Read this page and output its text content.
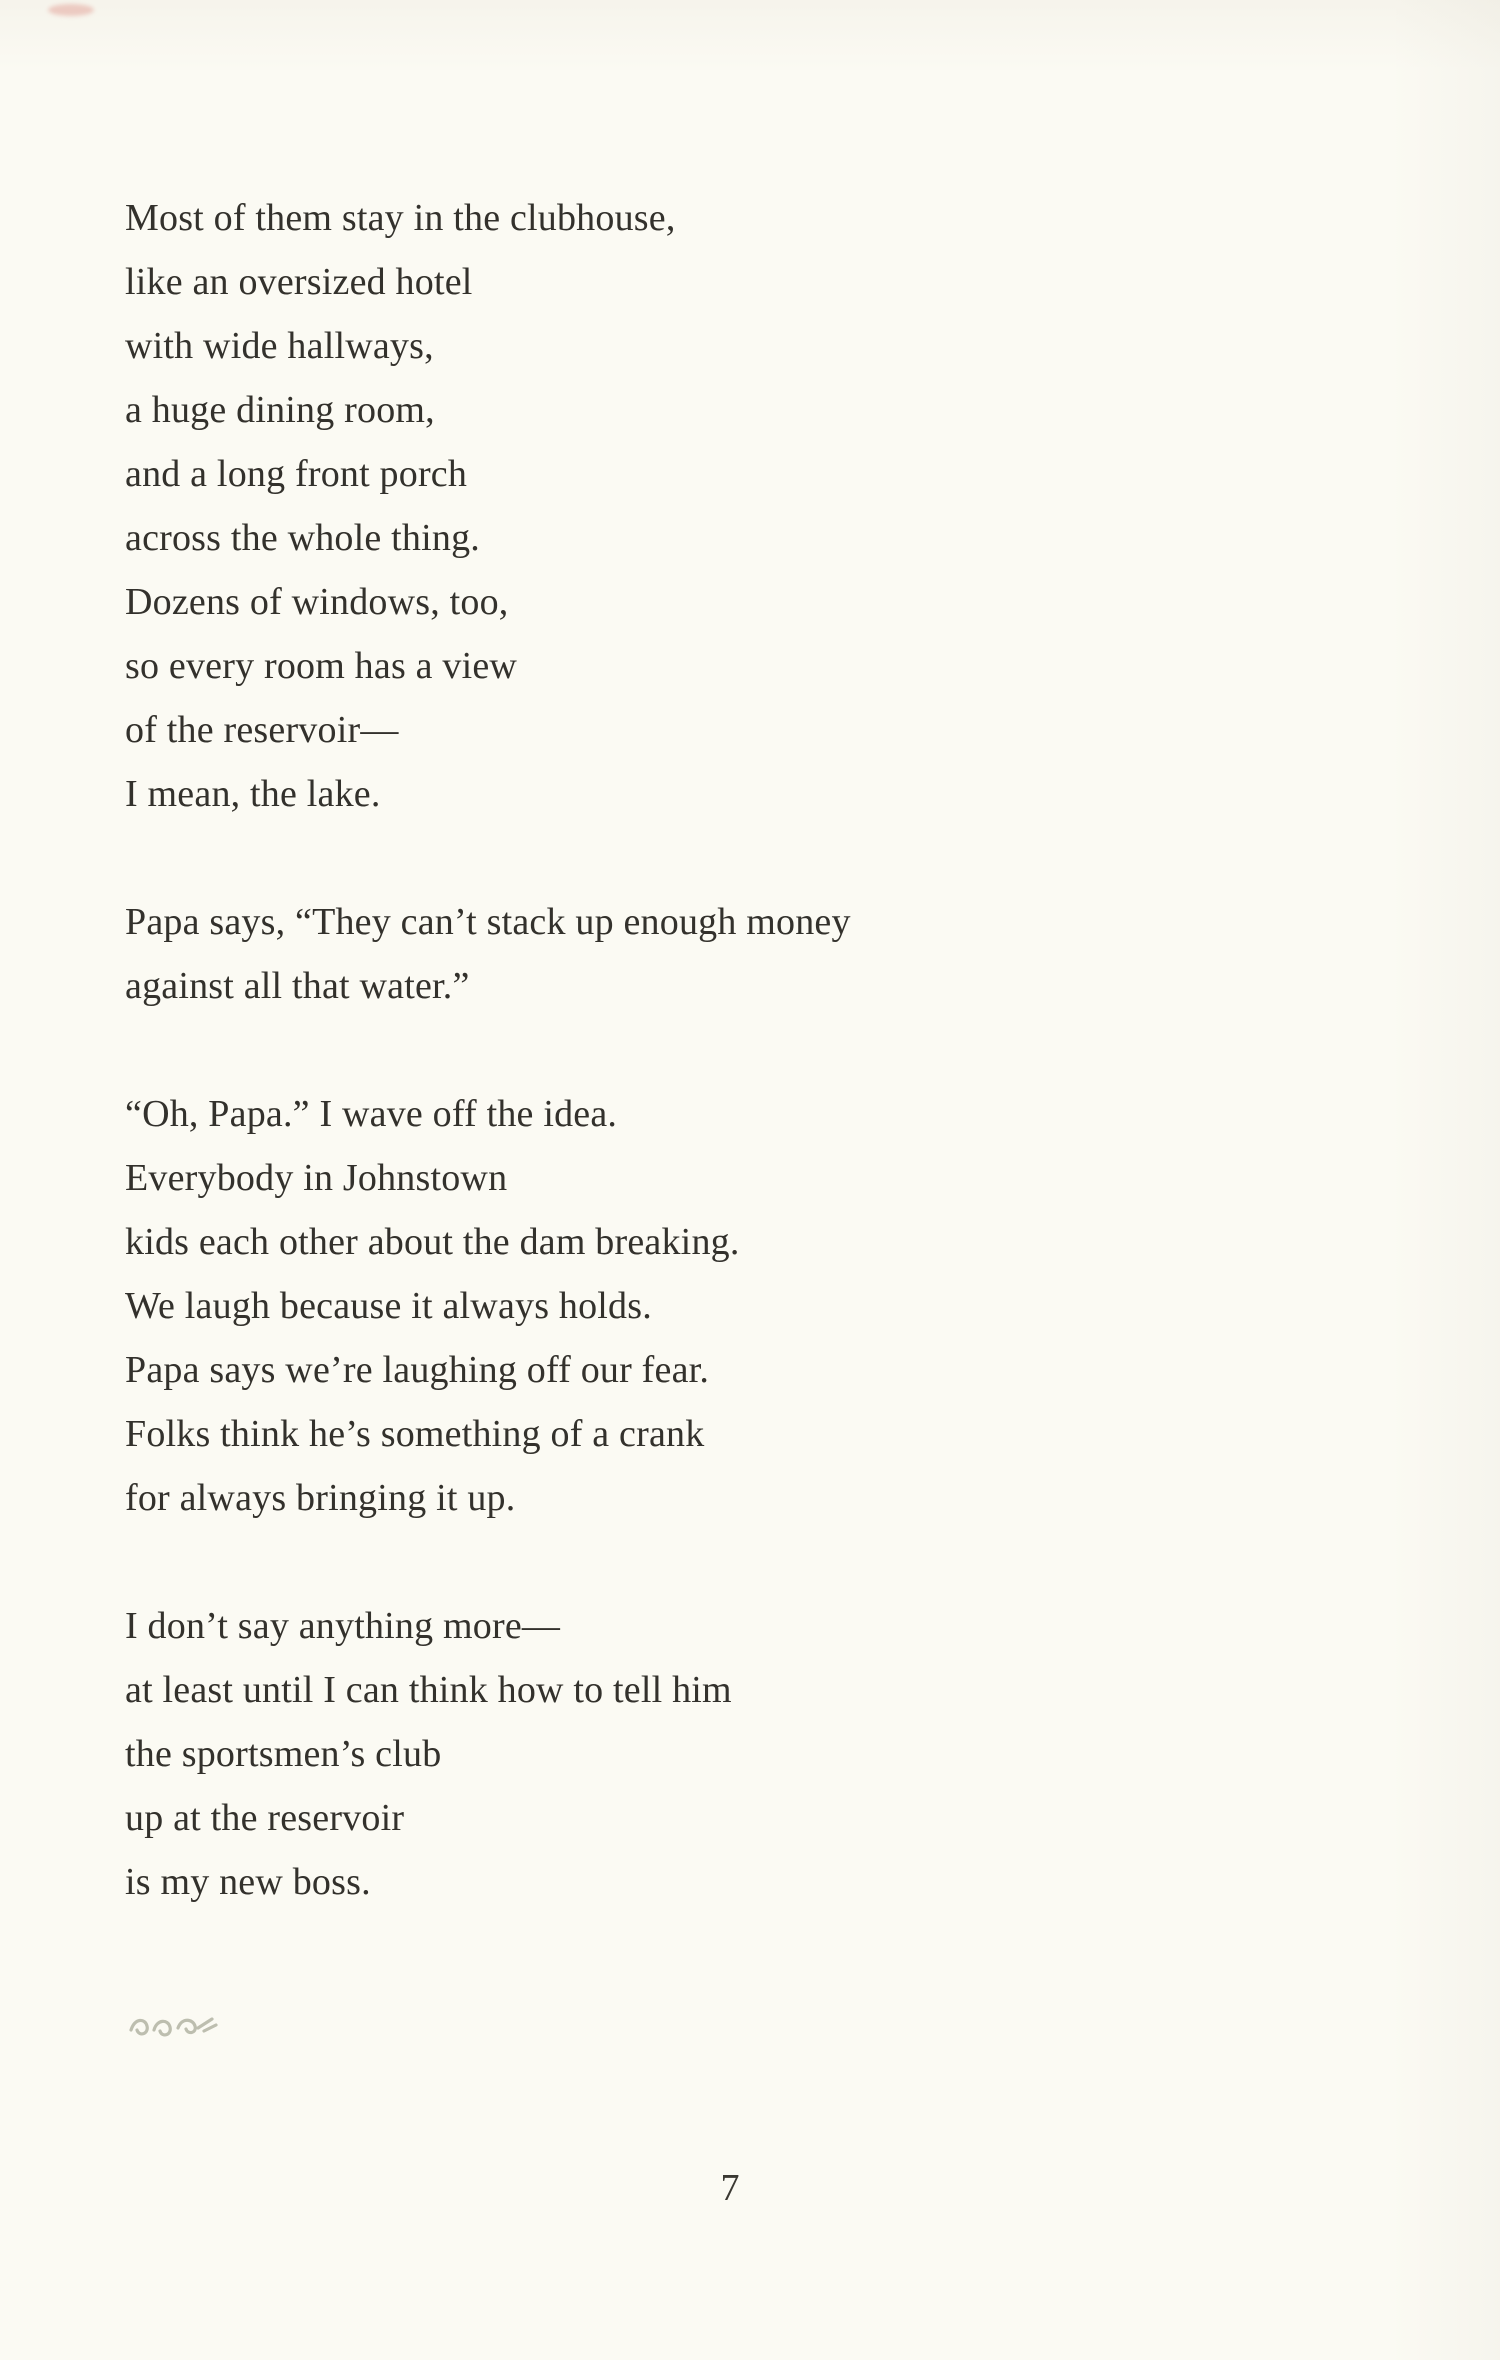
Most of them stay in the clubhouse,
like an oversized hotel
with wide hallways,
a huge dining room,
and a long front porch
across the whole thing.
Dozens of windows, too,
so every room has a view
of the reservoir—
I mean, the lake.
Papa says, “They can’t stack up enough money
against all that water.”
“Oh, Papa.” I wave off the idea.
Everybody in Johnstown
kids each other about the dam breaking.
We laugh because it always holds.
Papa says we’re laughing off our fear.
Folks think he’s something of a crank
for always bringing it up.
I don’t say anything more—
at least until I can think how to tell him
the sportsmen’s club
up at the reservoir
is my new boss.
7
